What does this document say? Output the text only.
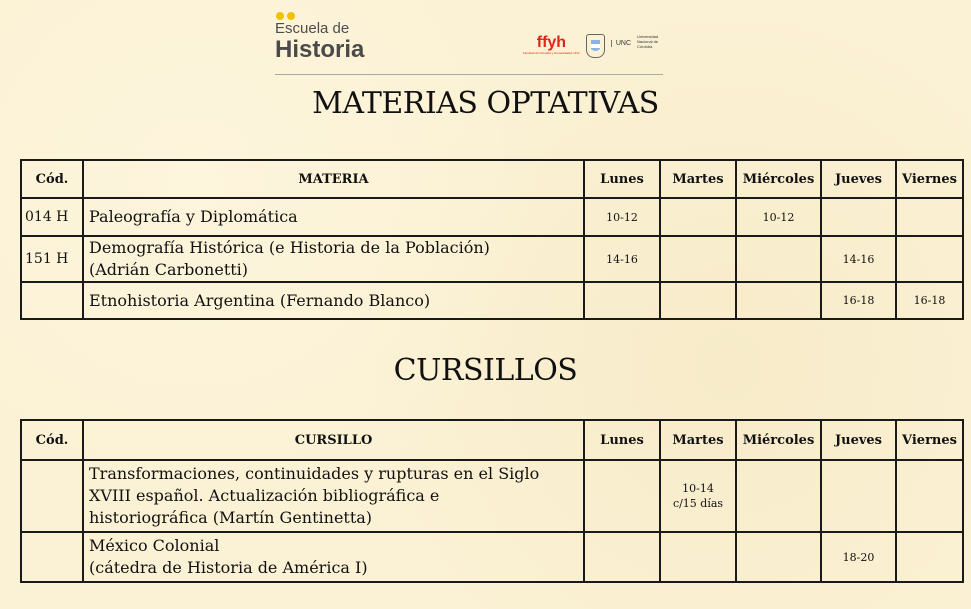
Escuela de
Historia	ffyh
Facultad de Filosofía y Humanidades UNC
UNC
Universidad Nacional de Córdoba
MATERIAS OPTATIVAS
Cód.	MATERIA	Lunes	Martes	Miércoles	Jueves	Viernes
014 H	Paleografía y Diplomática	10-12		10-12		
151 H	Demografía Histórica (e Historia de la Población)
(Adrián Carbonetti)	14-16			14-16	
	Etnohistoria Argentina (Fernando Blanco)				16-18	16-18
CURSILLOS
Cód.	CURSILLO	Lunes	Martes	Miércoles	Jueves	Viernes
	Transformaciones, continuidades y rupturas en el Siglo
XVIII español. Actualización bibliográfica e
historiográfica (Martín Gentinetta)		10-14
c/15 días			
	México Colonial
(cátedra de Historia de América I)				18-20	
